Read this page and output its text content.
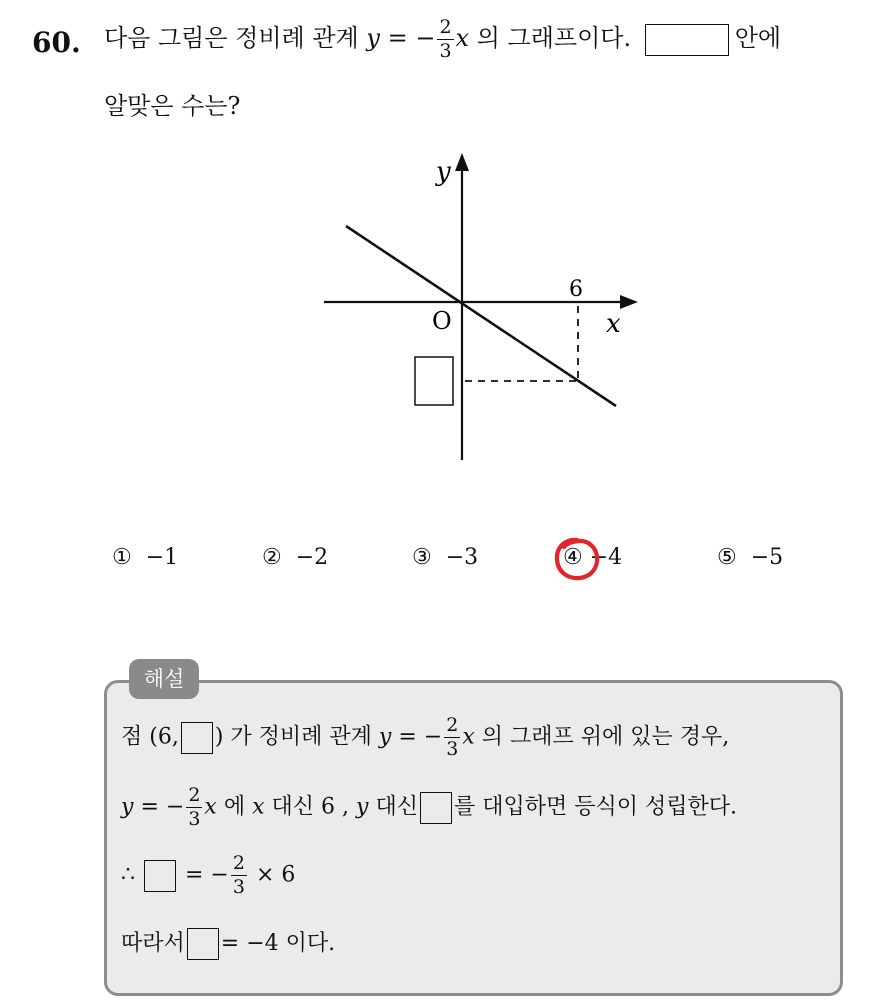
60. 다음 그림은 정비례 관계 y = − $\frac{2}{3}$ x 의 그래프이다.	안에
알맞은 수는?
y
x
O
6
① −1	② −2	③ −3	④ −4	⑤ −5
해설
점 (6, ) 가 정비례 관계 y = − $\frac{2}{3}$ x 의 그래프 위에 있는 경우,
y = − $\frac{2}{3}$ x 에 x 대신 6 , y 대신 를 대입하면 등식이 성립한다.
∴ = − $\frac{2}{3} \times 6$
따라서 = −4 이다.
